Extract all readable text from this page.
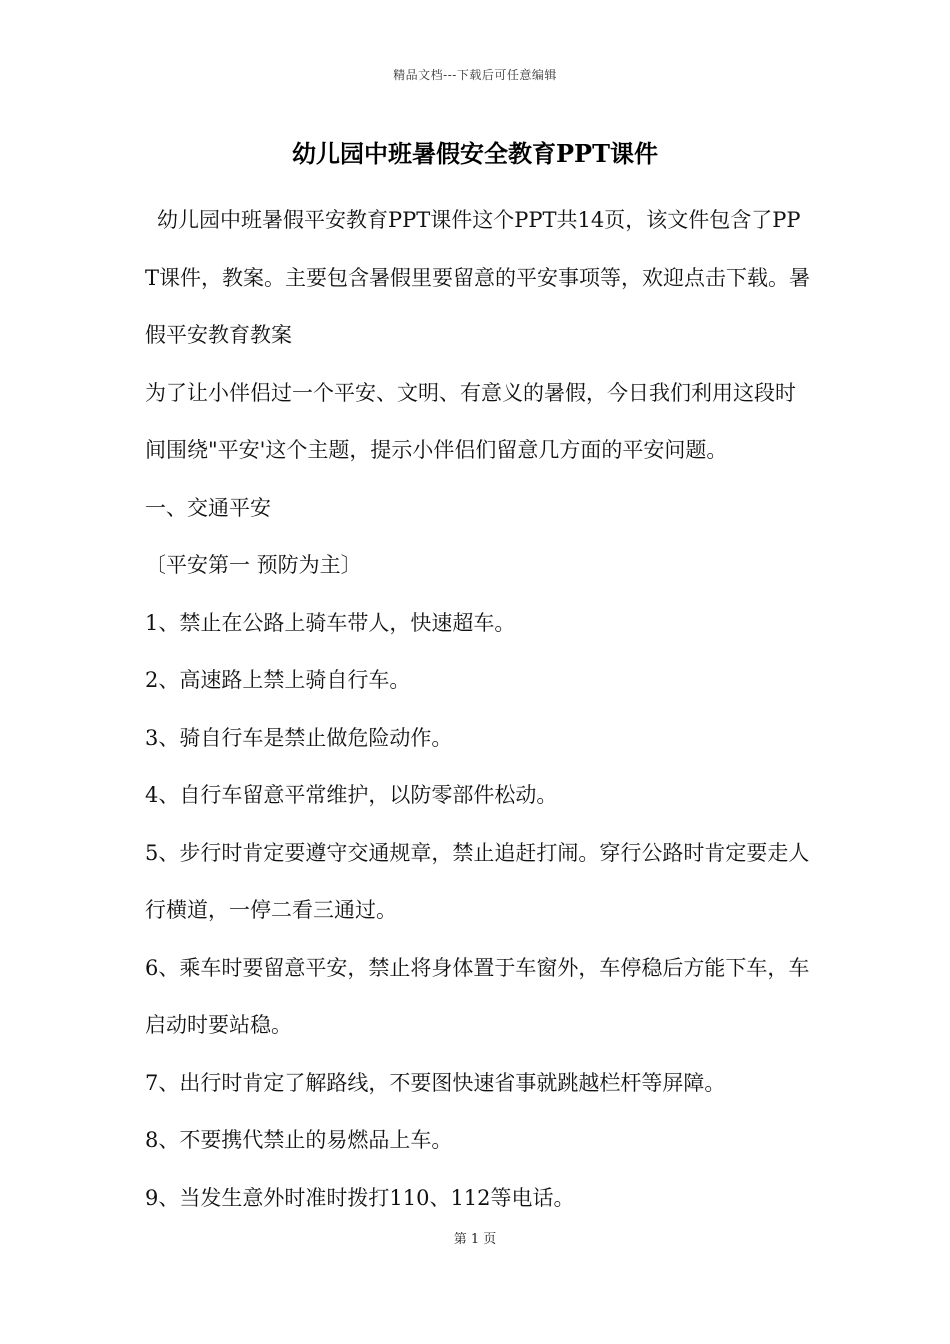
精品文档---下载后可任意编辑
幼儿园中班暑假安全教育PPT课件

幼儿园中班暑假平安教育PPT课件这个PPT共14页，该文件包含了PPT课件，教案。主要包含暑假里要留意的平安事项等，欢迎点击下载。暑假平安教育教案

为了让小伴侣过一个平安、文明、有意义的暑假，今日我们利用这段时间围绕"平安'这个主题，提示小伴侣们留意几方面的平安问题。

一、交通平安

〔平安第一 预防为主〕

1、禁止在公路上骑车带人，快速超车。

2、高速路上禁上骑自行车。

3、骑自行车是禁止做危险动作。

4、自行车留意平常维护，以防零部件松动。

5、步行时肯定要遵守交通规章，禁止追赶打闹。穿行公路时肯定要走人行横道，一停二看三通过。

6、乘车时要留意平安，禁止将身体置于车窗外，车停稳后方能下车，车启动时要站稳。

7、出行时肯定了解路线，不要图快速省事就跳越栏杆等屏障。

8、不要携代禁止的易燃品上车。

9、当发生意外时准时拨打110、112等电话。

第 1 页
